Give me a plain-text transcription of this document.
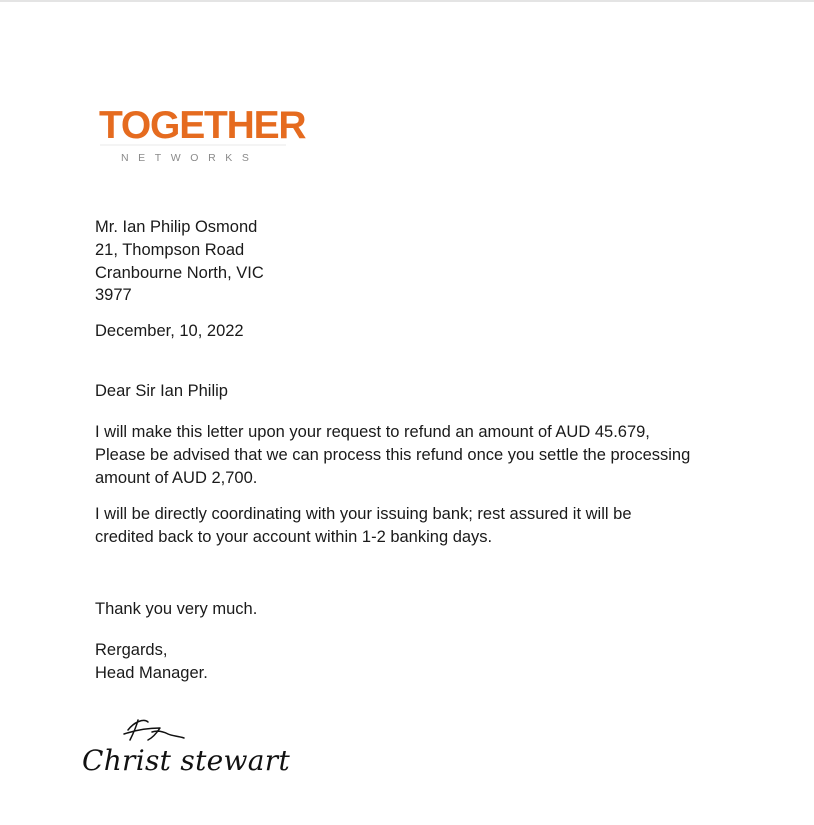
TOGETHER
NETWORKS
Mr. Ian Philip Osmond
21, Thompson Road
Cranbourne North, VIC
3977
December, 10, 2022
Dear Sir Ian Philip
I will make this letter upon your request to refund an amount of AUD 45.679,
Please be advised that we can process this refund once you settle the processing
amount of AUD 2,700.
I will be directly coordinating with your issuing bank; rest assured it will be
credited back to your account within 1-2 banking days.
Thank you very much.
Rergards,
Head Manager.
Christ stewart
